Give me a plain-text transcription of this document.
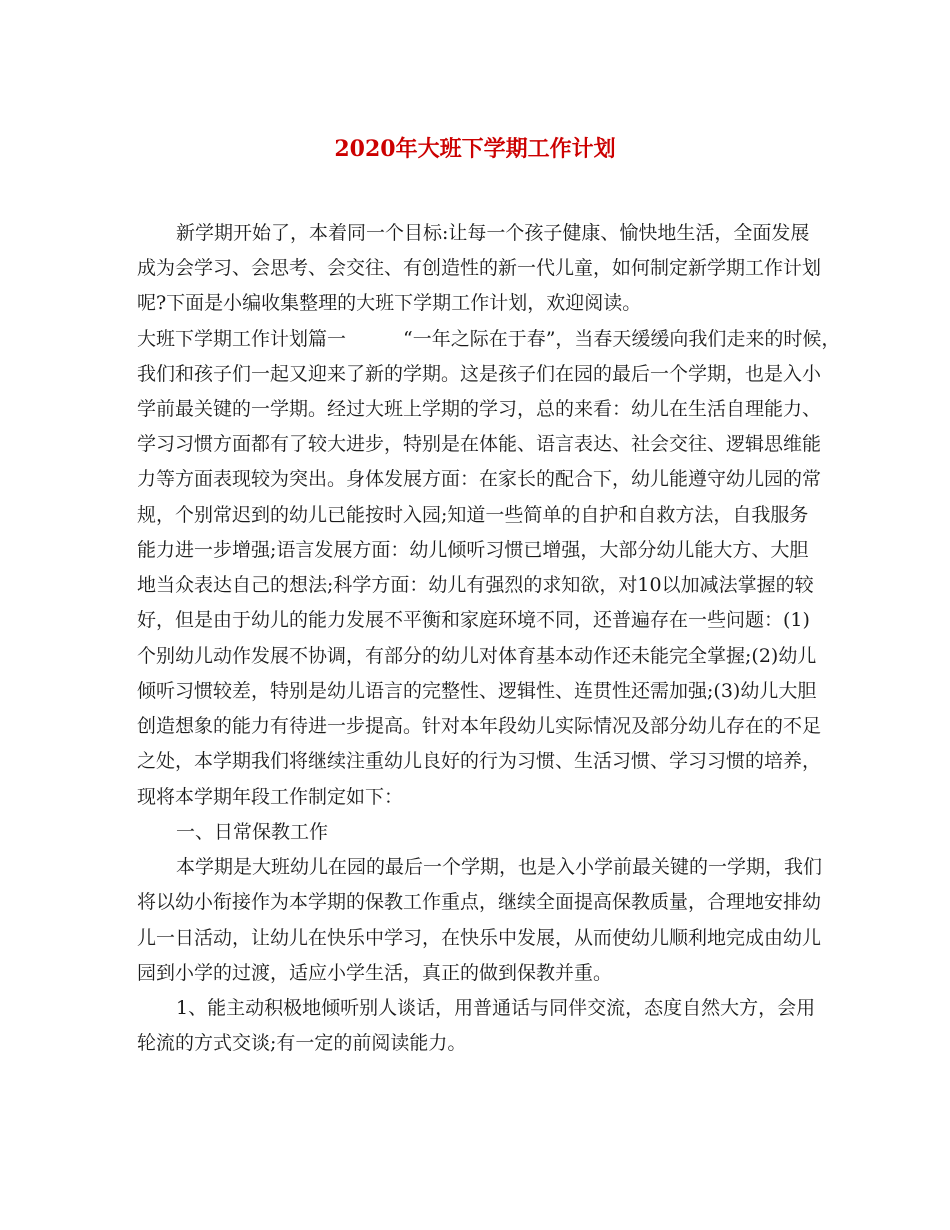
2020年大班下学期工作计划
新学期开始了，本着同一个目标:让每一个孩子健康、愉快地生活，全面发展
成为会学习、会思考、会交往、有创造性的新一代儿童，如何制定新学期工作计划
呢?下面是小编收集整理的大班下学期工作计划，欢迎阅读。
大班下学期工作计划篇一　　　“一年之际在于春”，当春天缓缓向我们走来的时候，
我们和孩子们一起又迎来了新的学期。这是孩子们在园的最后一个学期，也是入小
学前最关键的一学期。经过大班上学期的学习，总的来看：幼儿在生活自理能力、
学习习惯方面都有了较大进步，特别是在体能、语言表达、社会交往、逻辑思维能
力等方面表现较为突出。身体发展方面：在家长的配合下，幼儿能遵守幼儿园的常
规，个别常迟到的幼儿已能按时入园;知道一些简单的自护和自救方法，自我服务
能力进一步增强;语言发展方面：幼儿倾听习惯已增强，大部分幼儿能大方、大胆
地当众表达自己的想法;科学方面：幼儿有强烈的求知欲，对10以加减法掌握的较
好，但是由于幼儿的能力发展不平衡和家庭环境不同，还普遍存在一些问题：(1)
个别幼儿动作发展不协调，有部分的幼儿对体育基本动作还未能完全掌握;(2)幼儿
倾听习惯较差，特别是幼儿语言的完整性、逻辑性、连贯性还需加强;(3)幼儿大胆
创造想象的能力有待进一步提高。针对本年段幼儿实际情况及部分幼儿存在的不足
之处，本学期我们将继续注重幼儿良好的行为习惯、生活习惯、学习习惯的培养，
现将本学期年段工作制定如下：
一、日常保教工作
本学期是大班幼儿在园的最后一个学期，也是入小学前最关键的一学期，我们
将以幼小衔接作为本学期的保教工作重点，继续全面提高保教质量，合理地安排幼
儿一日活动，让幼儿在快乐中学习，在快乐中发展，从而使幼儿顺利地完成由幼儿
园到小学的过渡，适应小学生活，真正的做到保教并重。
1、能主动积极地倾听别人谈话，用普通话与同伴交流，态度自然大方，会用
轮流的方式交谈;有一定的前阅读能力。
